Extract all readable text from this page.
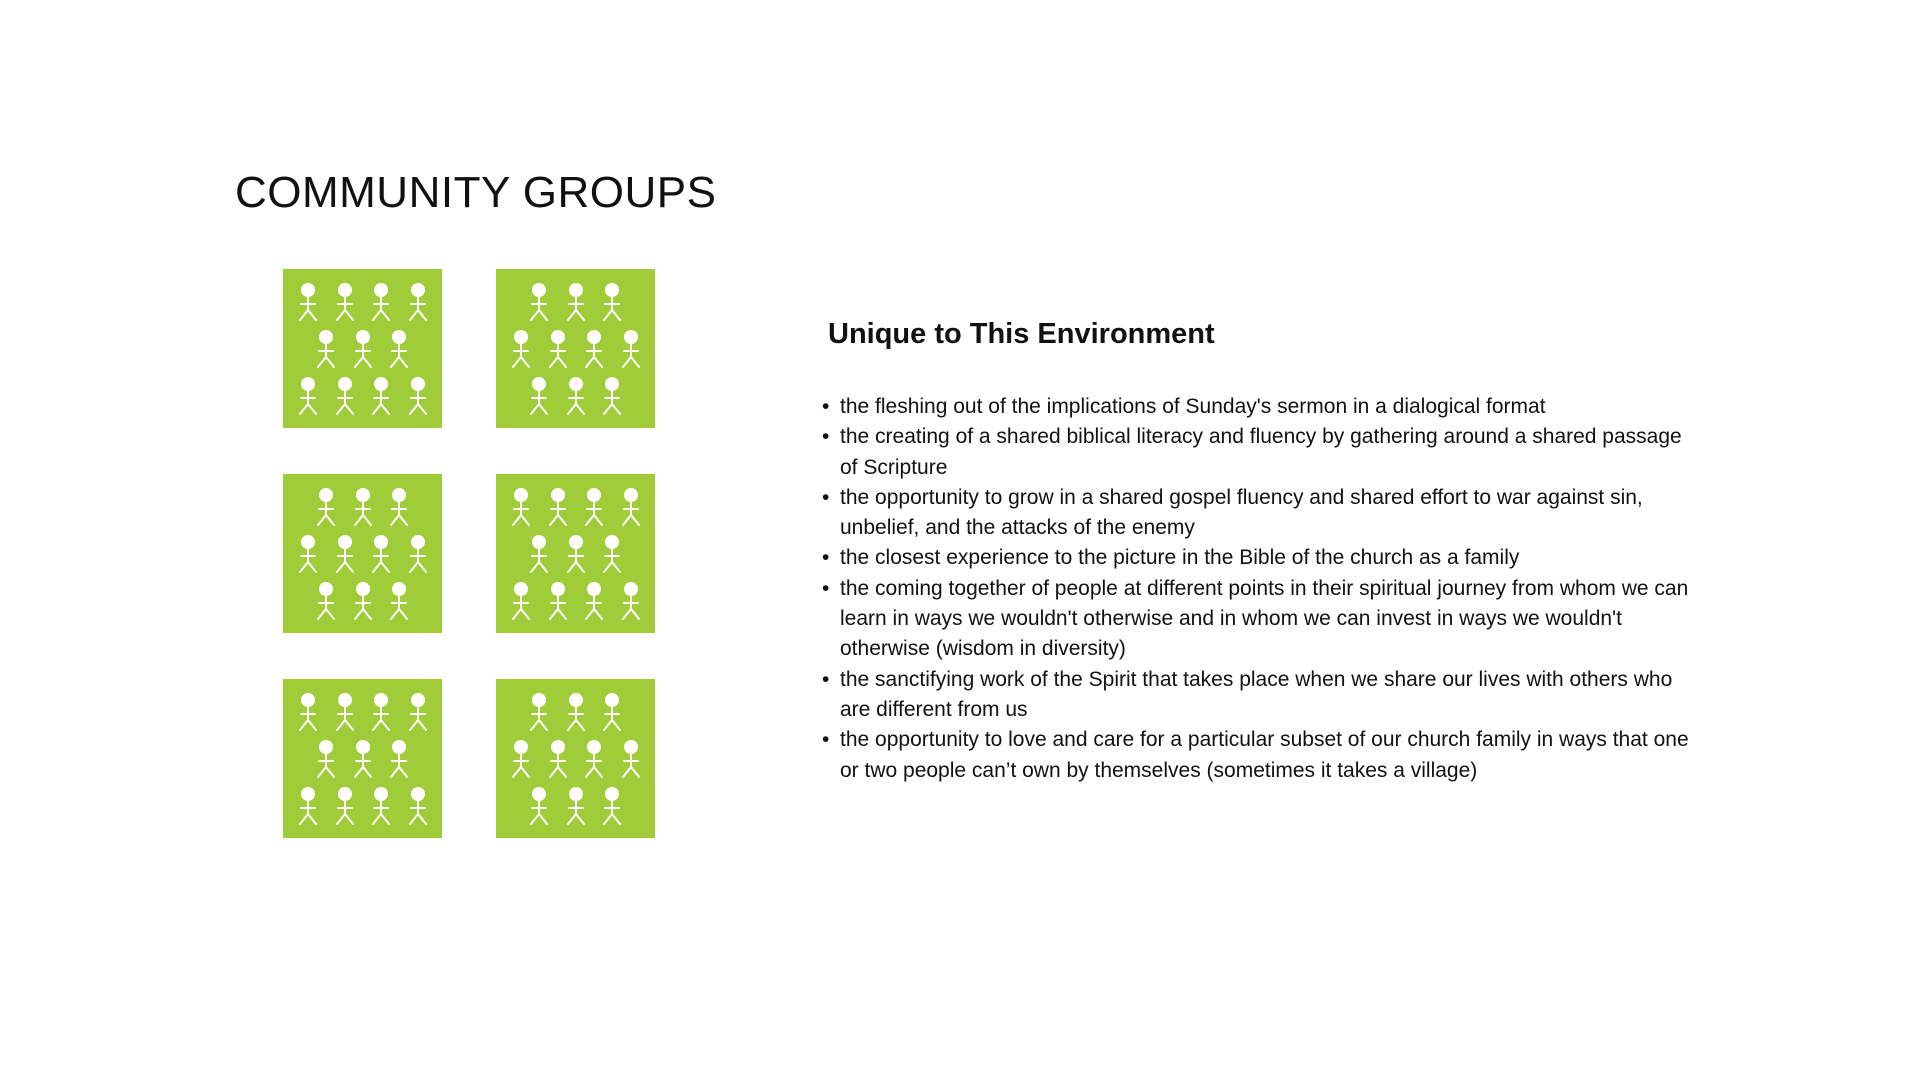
COMMUNITY GROUPS
Unique to This Environment
• the fleshing out of the implications of Sunday's sermon in a dialogical format
• the creating of a shared biblical literacy and fluency by gathering around a shared passage of Scripture
• the opportunity to grow in a shared gospel fluency and shared effort to war against sin, unbelief, and the attacks of the enemy
• the closest experience to the picture in the Bible of the church as a family
• the coming together of people at different points in their spiritual journey from whom we can learn in ways we wouldn't otherwise and in whom we can invest in ways we wouldn't otherwise (wisdom in diversity)
• the sanctifying work of the Spirit that takes place when we share our lives with others who are different from us
• the opportunity to love and care for a particular subset of our church family in ways that one or two people can’t own by themselves (sometimes it takes a village)
